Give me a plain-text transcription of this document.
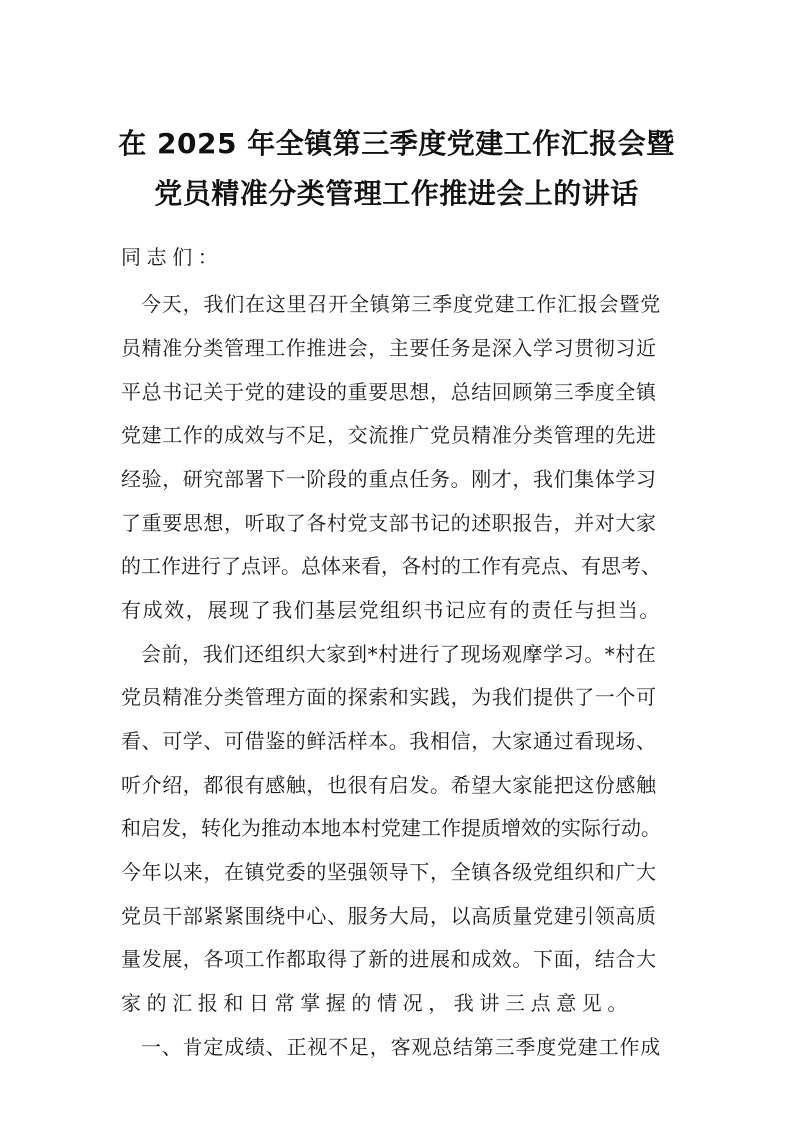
在 2025 年全镇第三季度党建工作汇报会暨
党员精准分类管理工作推进会上的讲话
同志们：
今天，我们在这里召开全镇第三季度党建工作汇报会暨党
员精准分类管理工作推进会，主要任务是深入学习贯彻习近
平总书记关于党的建设的重要思想，总结回顾第三季度全镇
党建工作的成效与不足，交流推广党员精准分类管理的先进
经验，研究部署下一阶段的重点任务。刚才，我们集体学习
了重要思想，听取了各村党支部书记的述职报告，并对大家
的工作进行了点评。总体来看，各村的工作有亮点、有思考、
有成效，展现了我们基层党组织书记应有的责任与担当。
会前，我们还组织大家到*村进行了现场观摩学习。*村在
党员精准分类管理方面的探索和实践，为我们提供了一个可
看、可学、可借鉴的鲜活样本。我相信，大家通过看现场、
听介绍，都很有感触，也很有启发。希望大家能把这份感触
和启发，转化为推动本地本村党建工作提质增效的实际行动。
今年以来，在镇党委的坚强领导下，全镇各级党组织和广大
党员干部紧紧围绕中心、服务大局，以高质量党建引领高质
量发展，各项工作都取得了新的进展和成效。下面，结合大
家的汇报和日常掌握的情况，我讲三点意见。
一、肯定成绩、正视不足，客观总结第三季度党建工作成
